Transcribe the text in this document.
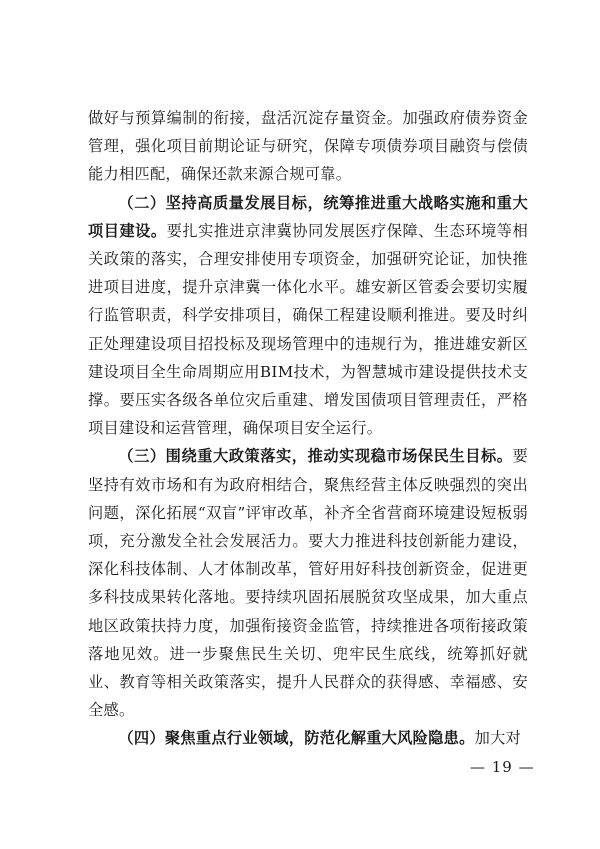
做好与预算编制的衔接，盘活沉淀存量资金。加强政府债券资金管理，强化项目前期论证与研究，保障专项债券项目融资与偿债能力相匹配，确保还款来源合规可靠。

（二）坚持高质量发展目标，统筹推进重大战略实施和重大项目建设。要扎实推进京津冀协同发展医疗保障、生态环境等相关政策的落实，合理安排使用专项资金，加强研究论证，加快推进项目进度，提升京津冀一体化水平。雄安新区管委会要切实履行监管职责，科学安排项目，确保工程建设顺利推进。要及时纠正处理建设项目招投标及现场管理中的违规行为，推进雄安新区建设项目全生命周期应用BIM技术，为智慧城市建设提供技术支撑。要压实各级各单位灾后重建、增发国债项目管理责任，严格项目建设和运营管理，确保项目安全运行。

（三）围绕重大政策落实，推动实现稳市场保民生目标。要坚持有效市场和有为政府相结合，聚焦经营主体反映强烈的突出问题，深化拓展“双盲”评审改革，补齐全省营商环境建设短板弱项，充分激发全社会发展活力。要大力推进科技创新能力建设，深化科技体制、人才体制改革，管好用好科技创新资金，促进更多科技成果转化落地。要持续巩固拓展脱贫攻坚成果，加大重点地区政策扶持力度，加强衔接资金监管，持续推进各项衔接政策落地见效。进一步聚焦民生关切、兜牢民生底线，统筹抓好就业、教育等相关政策落实，提升人民群众的获得感、幸福感、安全感。

（四）聚焦重点行业领域，防范化解重大风险隐患。加大对

— 19 —
